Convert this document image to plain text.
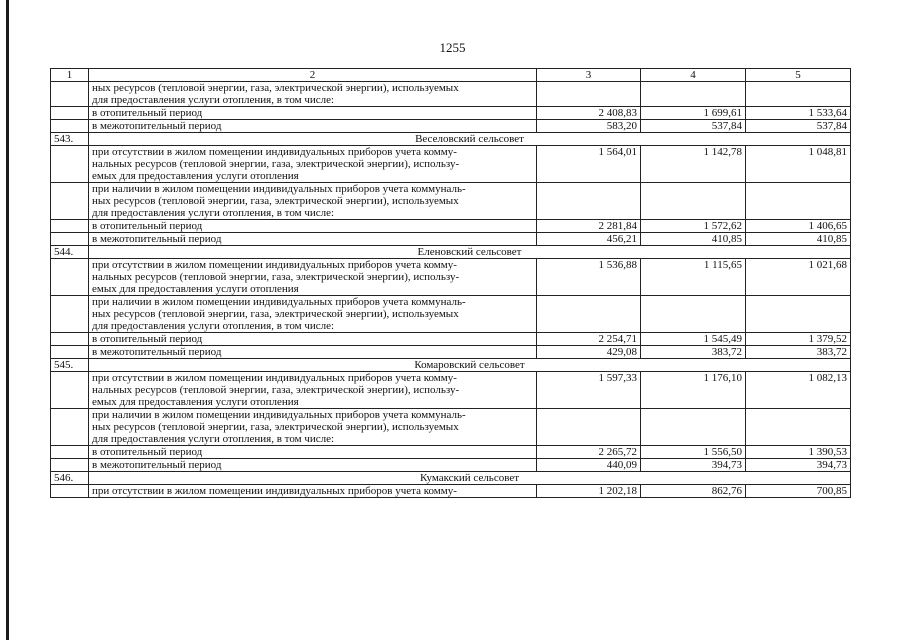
1255
1	2	3	4	5

	ных ресурсов (тепловой энергии, газа, электрической энергии), используемых
для предоставления услуги отопления, в том числе:			

	в отопительный период	2 408,83	1 699,61	1 533,64

	в межотопительный период	583,20	537,84	537,84
543.	Веселовский сельсовет			

	при отсутствии в жилом помещении индивидуальных приборов учета комму-
нальных ресурсов (тепловой энергии, газа, электрической энергии), использу-
емых для предоставления услуги отопления	1 564,01	1 142,78	1 048,81

	при наличии в жилом помещении индивидуальных приборов учета коммуналь-
ных ресурсов (тепловой энергии, газа, электрической энергии), используемых
для предоставления услуги отопления, в том числе:			

	в отопительный период	2 281,84	1 572,62	1 406,65

	в межотопительный период	456,21	410,85	410,85
544.	Еленовский сельсовет			

	при отсутствии в жилом помещении индивидуальных приборов учета комму-
нальных ресурсов (тепловой энергии, газа, электрической энергии), использу-
емых для предоставления услуги отопления	1 536,88	1 115,65	1 021,68

	при наличии в жилом помещении индивидуальных приборов учета коммуналь-
ных ресурсов (тепловой энергии, газа, электрической энергии), используемых
для предоставления услуги отопления, в том числе:			

	в отопительный период	2 254,71	1 545,49	1 379,52

	в межотопительный период	429,08	383,72	383,72
545.	Комаровский сельсовет			

	при отсутствии в жилом помещении индивидуальных приборов учета комму-
нальных ресурсов (тепловой энергии, газа, электрической энергии), использу-
емых для предоставления услуги отопления	1 597,33	1 176,10	1 082,13

	при наличии в жилом помещении индивидуальных приборов учета коммуналь-
ных ресурсов (тепловой энергии, газа, электрической энергии), используемых
для предоставления услуги отопления, в том числе:			

	в отопительный период	2 265,72	1 556,50	1 390,53

	в межотопительный период	440,09	394,73	394,73
546.	Кумакский сельсовет			

	при отсутствии в жилом помещении индивидуальных приборов учета комму-	1 202,18	862,76	700,85
